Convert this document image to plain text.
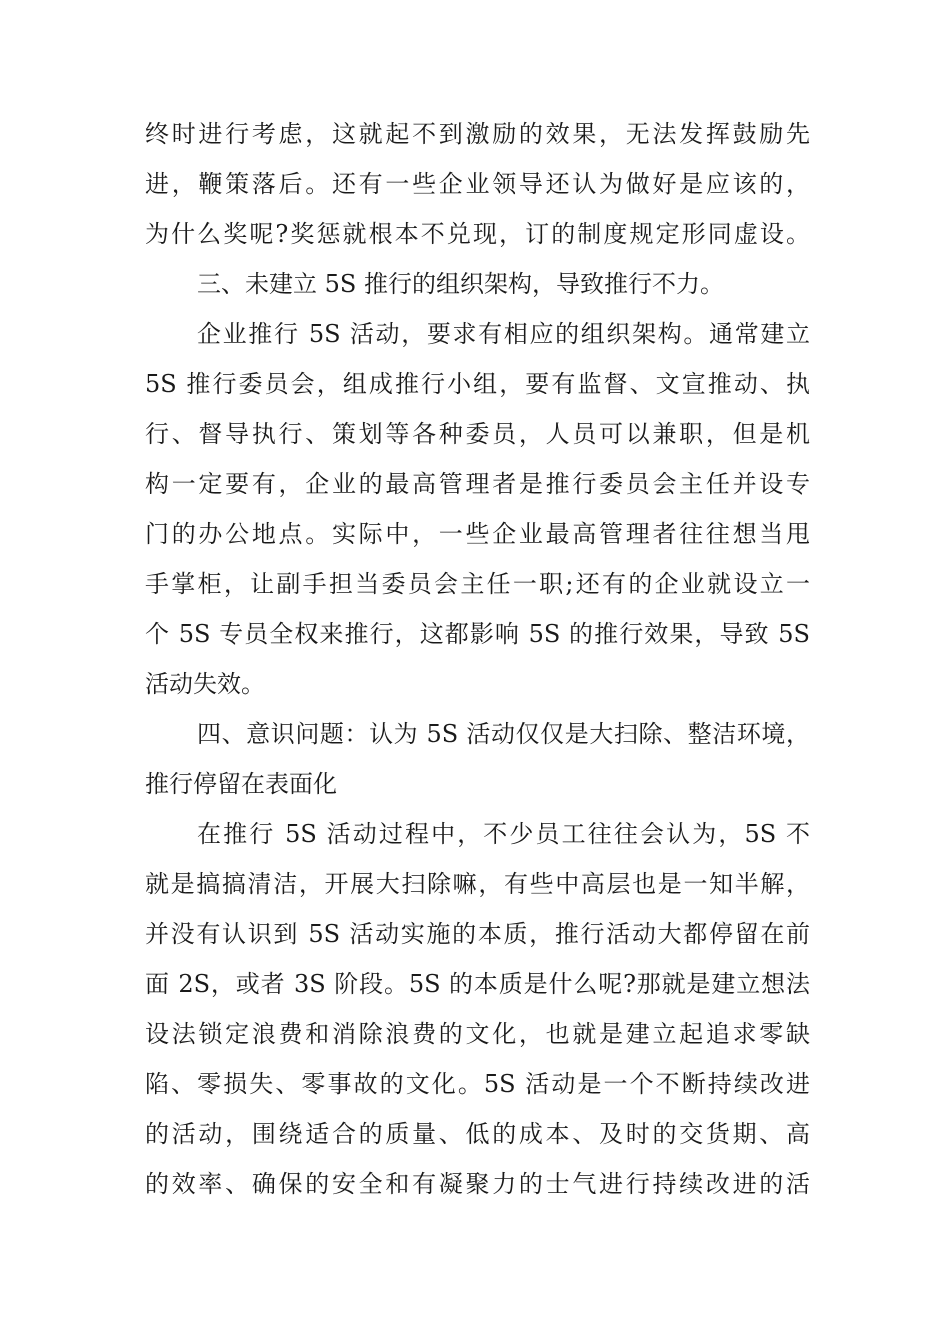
终时进行考虑，这就起不到激励的效果，无法发挥鼓励先
进，鞭策落后。还有一些企业领导还认为做好是应该的，
为什么奖呢?奖惩就根本不兑现，订的制度规定形同虚设。
三、未建立 5S 推行的组织架构，导致推行不力。
企业推行 5S 活动，要求有相应的组织架构。通常建立
5S 推行委员会，组成推行小组，要有监督、文宣推动、执
行、督导执行、策划等各种委员，人员可以兼职，但是机
构一定要有，企业的最高管理者是推行委员会主任并设专
门的办公地点。实际中，一些企业最高管理者往往想当甩
手掌柜，让副手担当委员会主任一职;还有的企业就设立一
个 5S 专员全权来推行，这都影响 5S 的推行效果，导致 5S
活动失效。
四、意识问题：认为 5S 活动仅仅是大扫除、整洁环境，
推行停留在表面化
在推行 5S 活动过程中，不少员工往往会认为，5S 不
就是搞搞清洁，开展大扫除嘛，有些中高层也是一知半解，
并没有认识到 5S 活动实施的本质，推行活动大都停留在前
面 2S，或者 3S 阶段。5S 的本质是什么呢?那就是建立想法
设法锁定浪费和消除浪费的文化，也就是建立起追求零缺
陷、零损失、零事故的文化。5S 活动是一个不断持续改进
的活动，围绕适合的质量、低的成本、及时的交货期、高
的效率、确保的安全和有凝聚力的士气进行持续改进的活
